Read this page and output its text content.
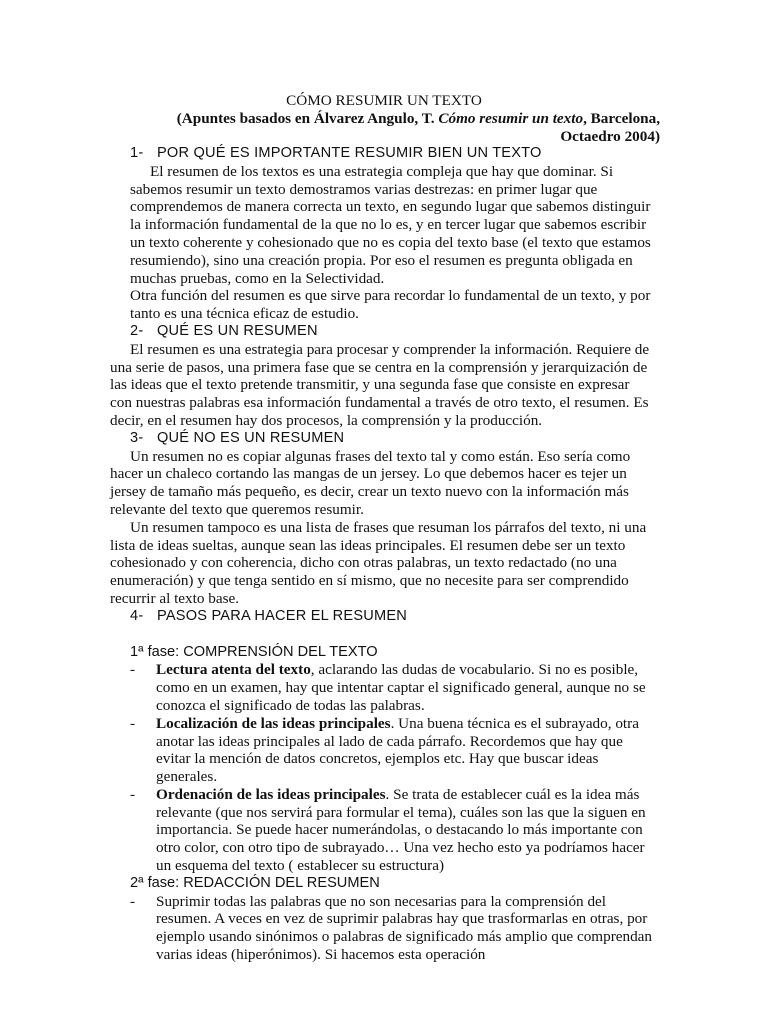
CÓMO RESUMIR UN TEXTO
(Apuntes basados en Álvarez Angulo, T. Cómo resumir un texto, Barcelona,
Octaedro 2004)
1- POR QUÉ ES IMPORTANTE RESUMIR BIEN UN TEXTO

El resumen de los textos es una estrategia compleja que hay que dominar. Si sabemos resumir un texto demostramos varias destrezas: en primer lugar que comprendemos de manera correcta un texto, en segundo lugar que sabemos distinguir la información fundamental de la que no lo es, y en tercer lugar que sabemos escribir un texto coherente y cohesionado que no es copia del texto base (el texto que estamos resumiendo), sino una creación propia. Por eso el resumen es pregunta obligada en muchas pruebas, como en la Selectividad.

Otra función del resumen es que sirve para recordar lo fundamental de un texto, y por tanto es una técnica eficaz de estudio.

2- QUÉ ES UN RESUMEN

El resumen es una estrategia para procesar y comprender la información. Requiere de una serie de pasos, una primera fase que se centra en la comprensión y jerarquización de las ideas que el texto pretende transmitir, y una segunda fase que consiste en expresar con nuestras palabras esa información fundamental a través de otro texto, el resumen. Es decir, en el resumen hay dos procesos, la comprensión y la producción.

3- QUÉ NO ES UN RESUMEN

Un resumen no es copiar algunas frases del texto tal y como están. Eso sería como hacer un chaleco cortando las mangas de un jersey. Lo que debemos hacer es tejer un jersey de tamaño más pequeño, es decir, crear un texto nuevo con la información más relevante del texto que queremos resumir.

Un resumen tampoco es una lista de frases que resuman los párrafos del texto, ni una lista de ideas sueltas, aunque sean las ideas principales. El resumen debe ser un texto cohesionado y con coherencia, dicho con otras palabras, un texto redactado (no una enumeración) y que tenga sentido en sí mismo, que no necesite para ser comprendido recurrir al texto base.

4- PASOS PARA HACER EL RESUMEN
1ª fase: COMPRENSIÓN DEL TEXTO
- Lectura atenta del texto, aclarando las dudas de vocabulario. Si no es posible, como en un examen, hay que intentar captar el significado general, aunque no se conozca el significado de todas las palabras.
- Localización de las ideas principales. Una buena técnica es el subrayado, otra anotar las ideas principales al lado de cada párrafo. Recordemos que hay que evitar la mención de datos concretos, ejemplos etc. Hay que buscar ideas generales.
- Ordenación de las ideas principales. Se trata de establecer cuál es la idea más relevante (que nos servirá para formular el tema), cuáles son las que la siguen en importancia. Se puede hacer numerándolas, o destacando lo más importante con otro color, con otro tipo de subrayado… Una vez hecho esto ya podríamos hacer un esquema del texto ( establecer su estructura)
2ª fase: REDACCIÓN DEL RESUMEN
- Suprimir todas las palabras que no son necesarias para la comprensión del resumen. A veces en vez de suprimir palabras hay que trasformarlas en otras, por ejemplo usando sinónimos o palabras de significado más amplio que comprendan varias ideas (hiperónimos). Si hacemos esta operación
